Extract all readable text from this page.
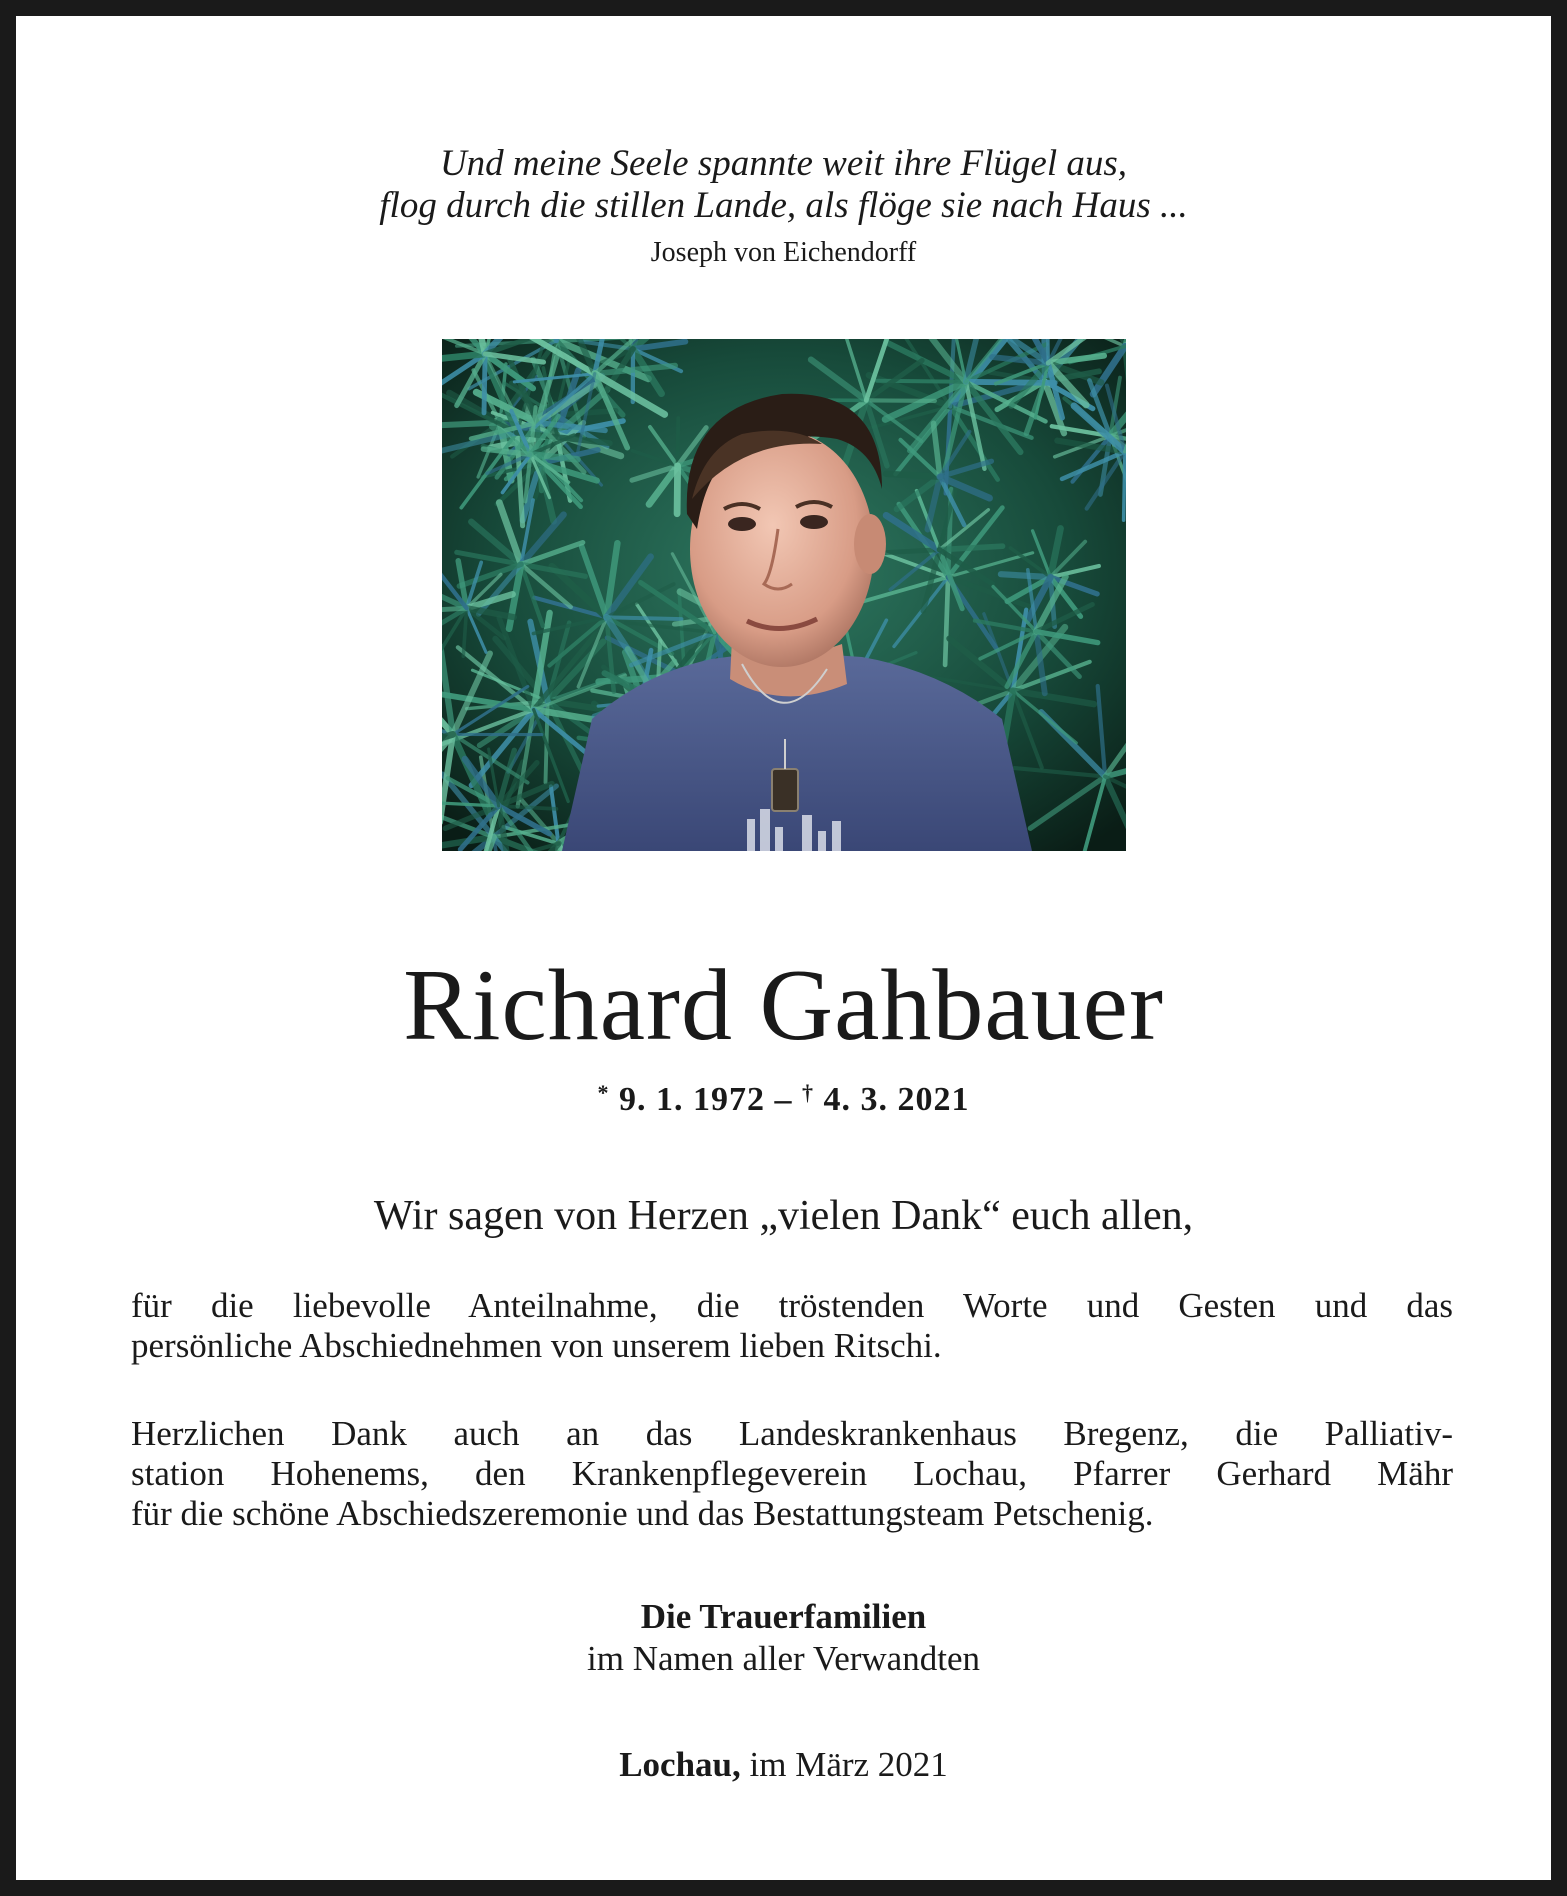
Und meine Seele spannte weit ihre Flügel aus,
flog durch die stillen Lande, als flöge sie nach Haus ...
Joseph von Eichendorff
Richard Gahbauer
* 9. 1. 1972 – † 4. 3. 2021
Wir sagen von Herzen „vielen Dank“ euch allen,
für die liebevolle Anteilnahme, die tröstenden Worte und Gesten und das
persönliche Abschiednehmen von unserem lieben Ritschi.
Herzlichen Dank auch an das Landeskrankenhaus Bregenz, die Palliativ-
station Hohenems, den Krankenpflegeverein Lochau, Pfarrer Gerhard Mähr
für die schöne Abschiedszeremonie und das Bestattungsteam Petschenig.
Die Trauerfamilien
im Namen aller Verwandten
Lochau, im März 2021
